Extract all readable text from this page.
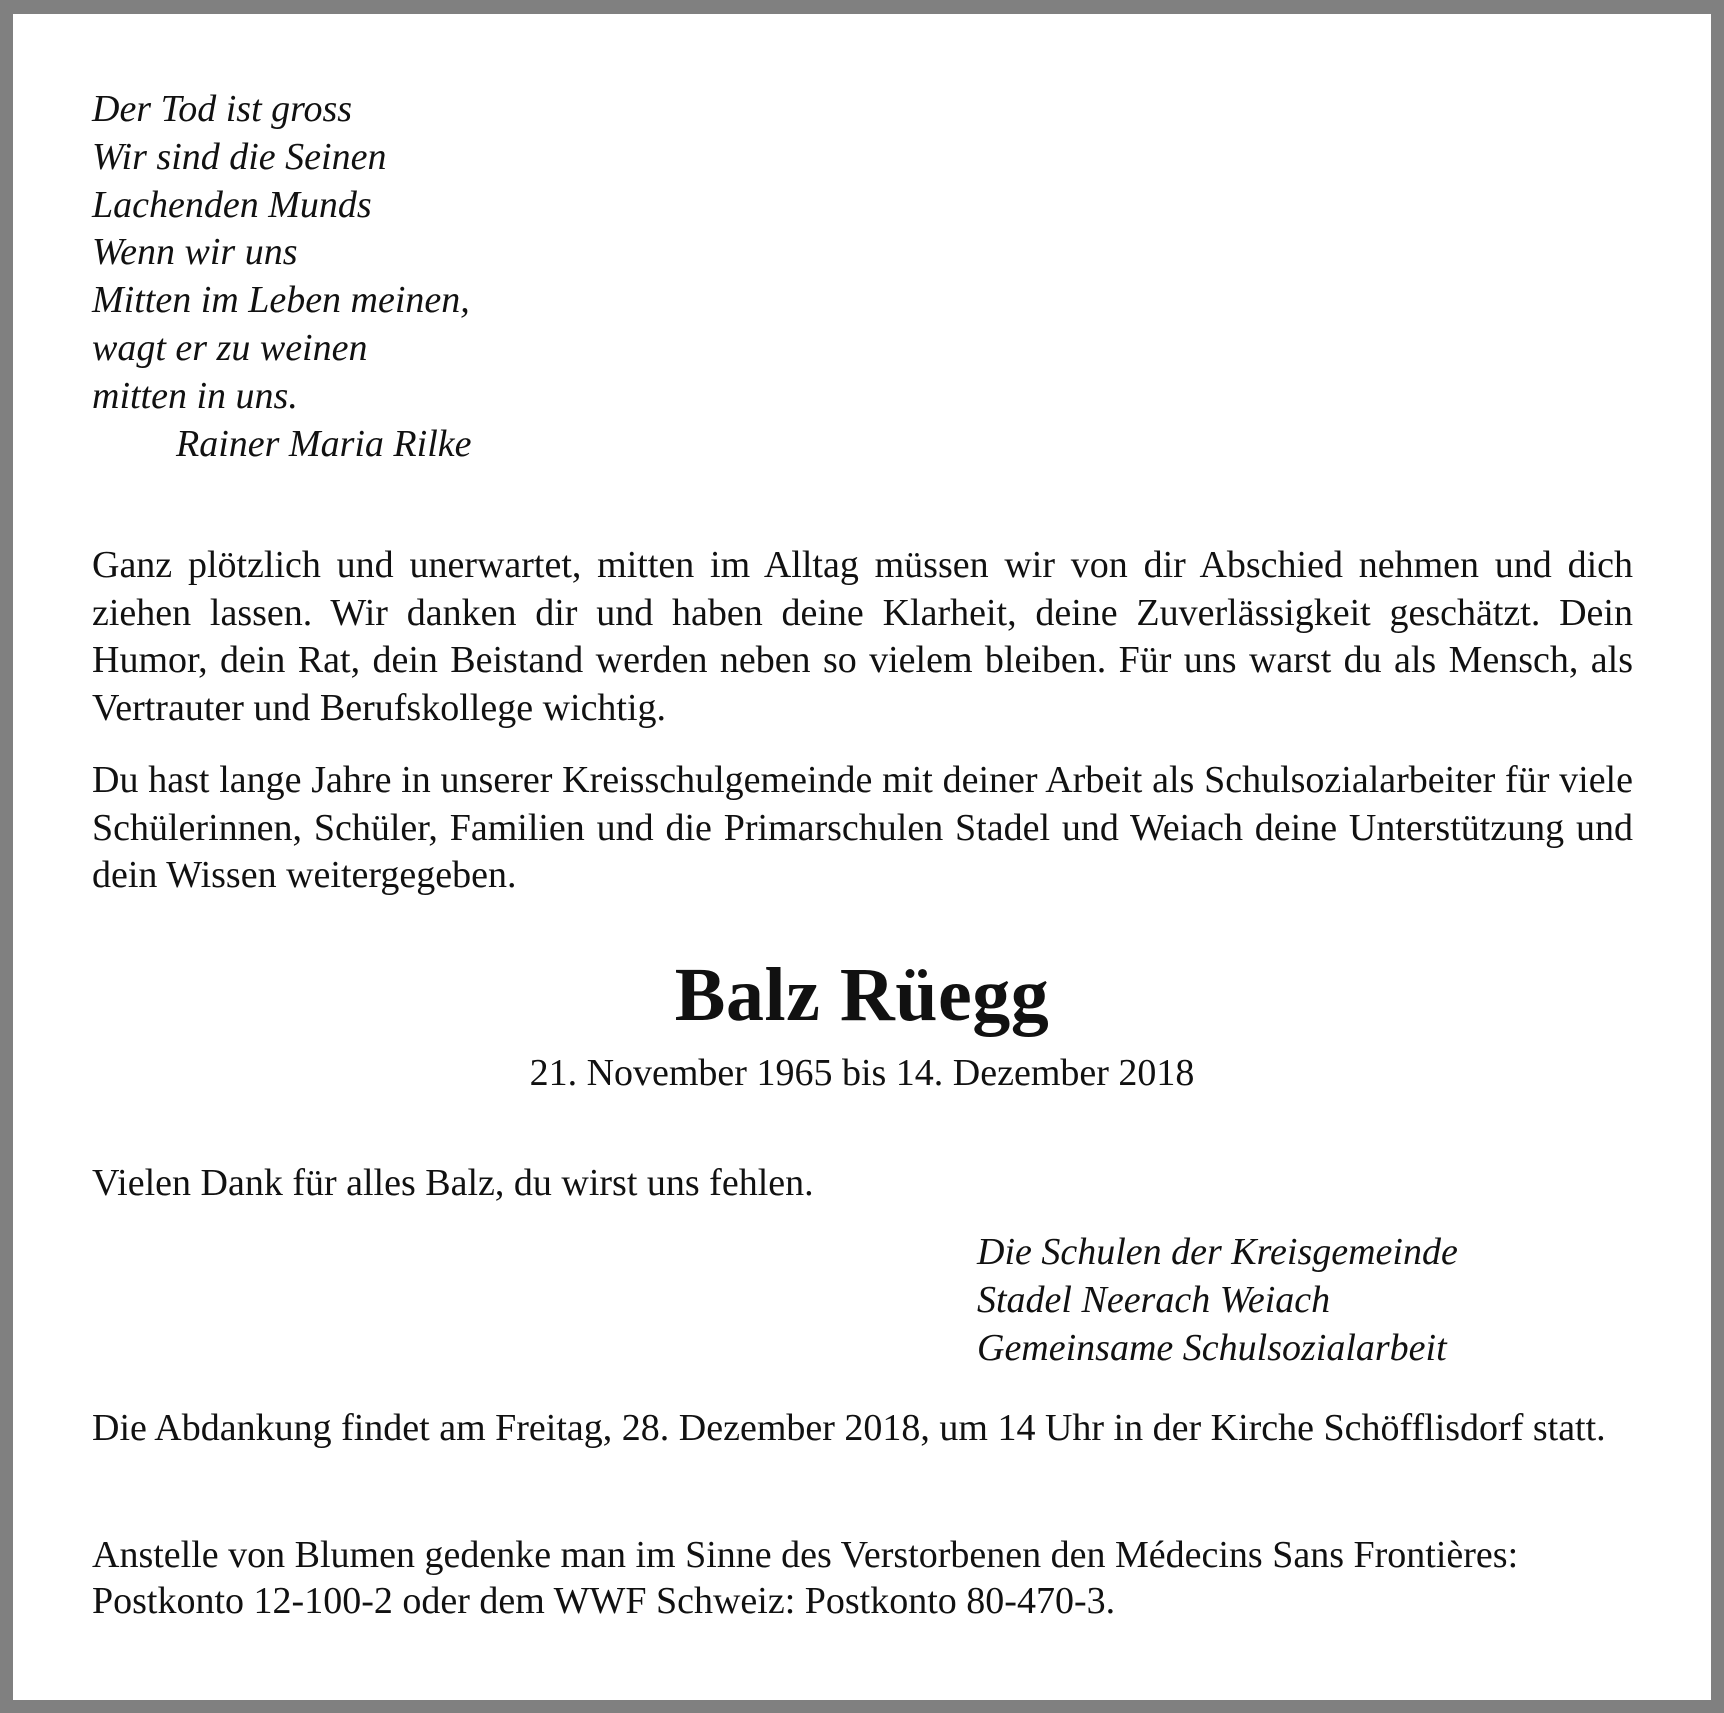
Der Tod ist gross
Wir sind die Seinen
Lachenden Munds
Wenn wir uns
Mitten im Leben meinen,
wagt er zu weinen
mitten in uns.
Rainer Maria Rilke

Ganz plötzlich und unerwartet, mitten im Alltag müssen wir von dir Abschied nehmen und dich ziehen lassen. Wir danken dir und haben deine Klarheit, deine Zuverlässigkeit geschätzt. Dein Humor, dein Rat, dein Beistand werden neben so vielem bleiben. Für uns warst du als Mensch, als Vertrauter und Berufskollege wichtig.

Du hast lange Jahre in unserer Kreisschulgemeinde mit deiner Arbeit als Schulsozialarbeiter für viele Schülerinnen, Schüler, Familien und die Primarschulen Stadel und Weiach deine Unterstützung und dein Wissen weitergegeben.

Balz Rüegg
21. November 1965 bis 14. Dezember 2018
Vielen Dank für alles Balz, du wirst uns fehlen.
Die Schulen der Kreisgemeinde
Stadel Neerach Weiach
Gemeinsame Schulsozialarbeit

Die Abdankung findet am Freitag, 28. Dezember 2018, um 14 Uhr in der Kirche Schöfflisdorf statt.

Anstelle von Blumen gedenke man im Sinne des Verstorbenen den Médecins Sans Frontières: Postkonto 12-100-2 oder dem WWF Schweiz: Postkonto 80-470-3.
